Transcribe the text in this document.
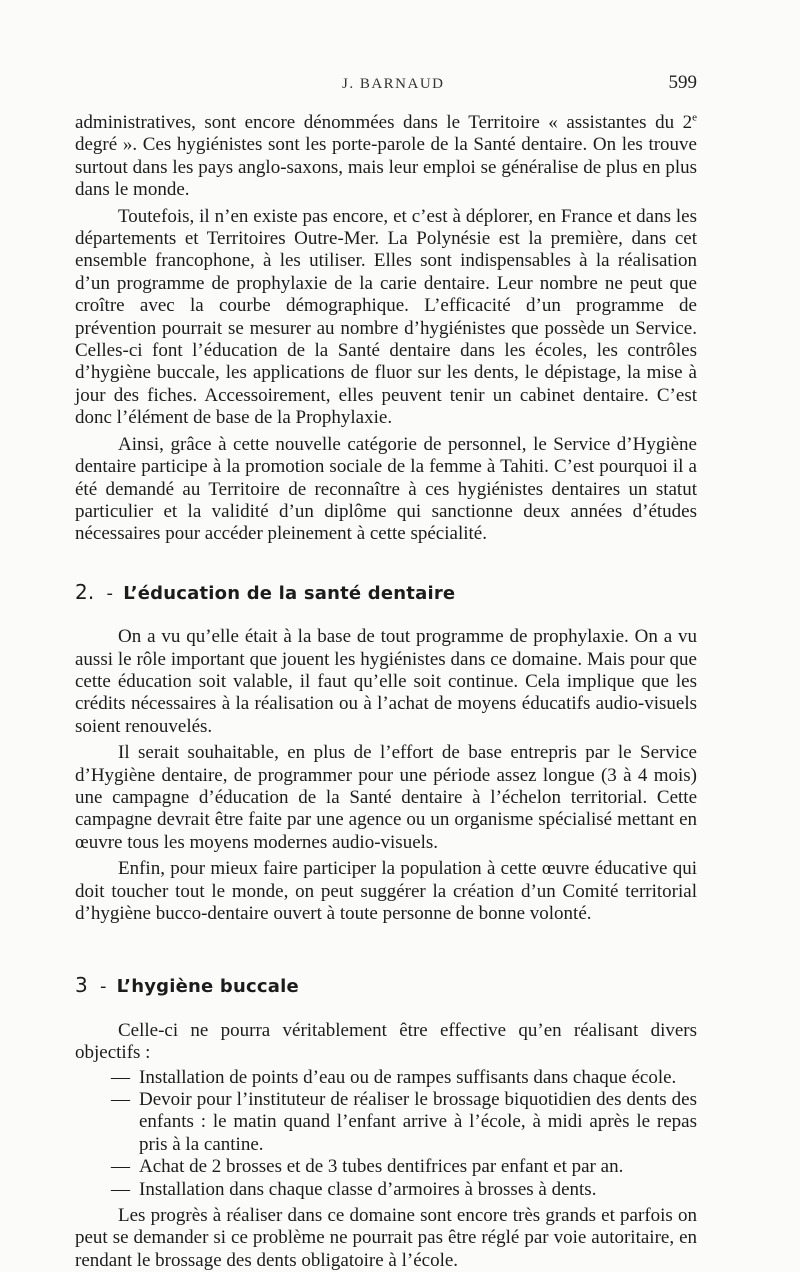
J. BARNAUD	599

administratives, sont encore dénommées dans le Territoire « assistantes du 2e degré ». Ces hygiénistes sont les porte-parole de la Santé dentaire. On les trouve surtout dans les pays anglo-saxons, mais leur emploi se généralise de plus en plus dans le monde.

Toutefois, il n’en existe pas encore, et c’est à déplorer, en France et dans les départements et Territoires Outre-Mer. La Polynésie est la première, dans cet ensemble francophone, à les utiliser. Elles sont indispensables à la réalisation d’un programme de prophylaxie de la carie dentaire. Leur nombre ne peut que croître avec la courbe démographique. L’efficacité d’un programme de prévention pourrait se mesurer au nombre d’hygiénistes que possède un Service. Celles-ci font l’éducation de la Santé dentaire dans les écoles, les contrôles d’hygiène buccale, les applications de fluor sur les dents, le dépistage, la mise à jour des fiches. Accessoirement, elles peuvent tenir un cabinet dentaire. C’est donc l’élément de base de la Prophylaxie.

Ainsi, grâce à cette nouvelle catégorie de personnel, le Service d’Hygiène dentaire participe à la promotion sociale de la femme à Tahiti. C’est pourquoi il a été demandé au Territoire de reconnaître à ces hygiénistes dentaires un statut particulier et la validité d’un diplôme qui sanctionne deux années d’études nécessaires pour accéder pleinement à cette spécialité.

2. - L’éducation de la santé dentaire

On a vu qu’elle était à la base de tout programme de prophylaxie. On a vu aussi le rôle important que jouent les hygiénistes dans ce domaine. Mais pour que cette éducation soit valable, il faut qu’elle soit continue. Cela implique que les crédits nécessaires à la réalisation ou à l’achat de moyens éducatifs audio-visuels soient renouvelés.

Il serait souhaitable, en plus de l’effort de base entrepris par le Service d’Hygiène dentaire, de programmer pour une période assez longue (3 à 4 mois) une campagne d’éducation de la Santé dentaire à l’échelon territorial. Cette campagne devrait être faite par une agence ou un organisme spécialisé mettant en œuvre tous les moyens modernes audio-visuels.

Enfin, pour mieux faire participer la population à cette œuvre éducative qui doit toucher tout le monde, on peut suggérer la création d’un Comité territorial d’hygiène bucco-dentaire ouvert à toute personne de bonne volonté.

3 - L’hygiène buccale

Celle-ci ne pourra véritablement être effective qu’en réalisant divers objectifs :

— Installation de points d’eau ou de rampes suffisants dans chaque école.
— Devoir pour l’instituteur de réaliser le brossage biquotidien des dents des enfants : le matin quand l’enfant arrive à l’école, à midi après le repas pris à la cantine.
— Achat de 2 brosses et de 3 tubes dentifrices par enfant et par an.
— Installation dans chaque classe d’armoires à brosses à dents.

Les progrès à réaliser dans ce domaine sont encore très grands et parfois on peut se demander si ce problème ne pourrait pas être réglé par voie autoritaire, en rendant le brossage des dents obligatoire à l’école.
